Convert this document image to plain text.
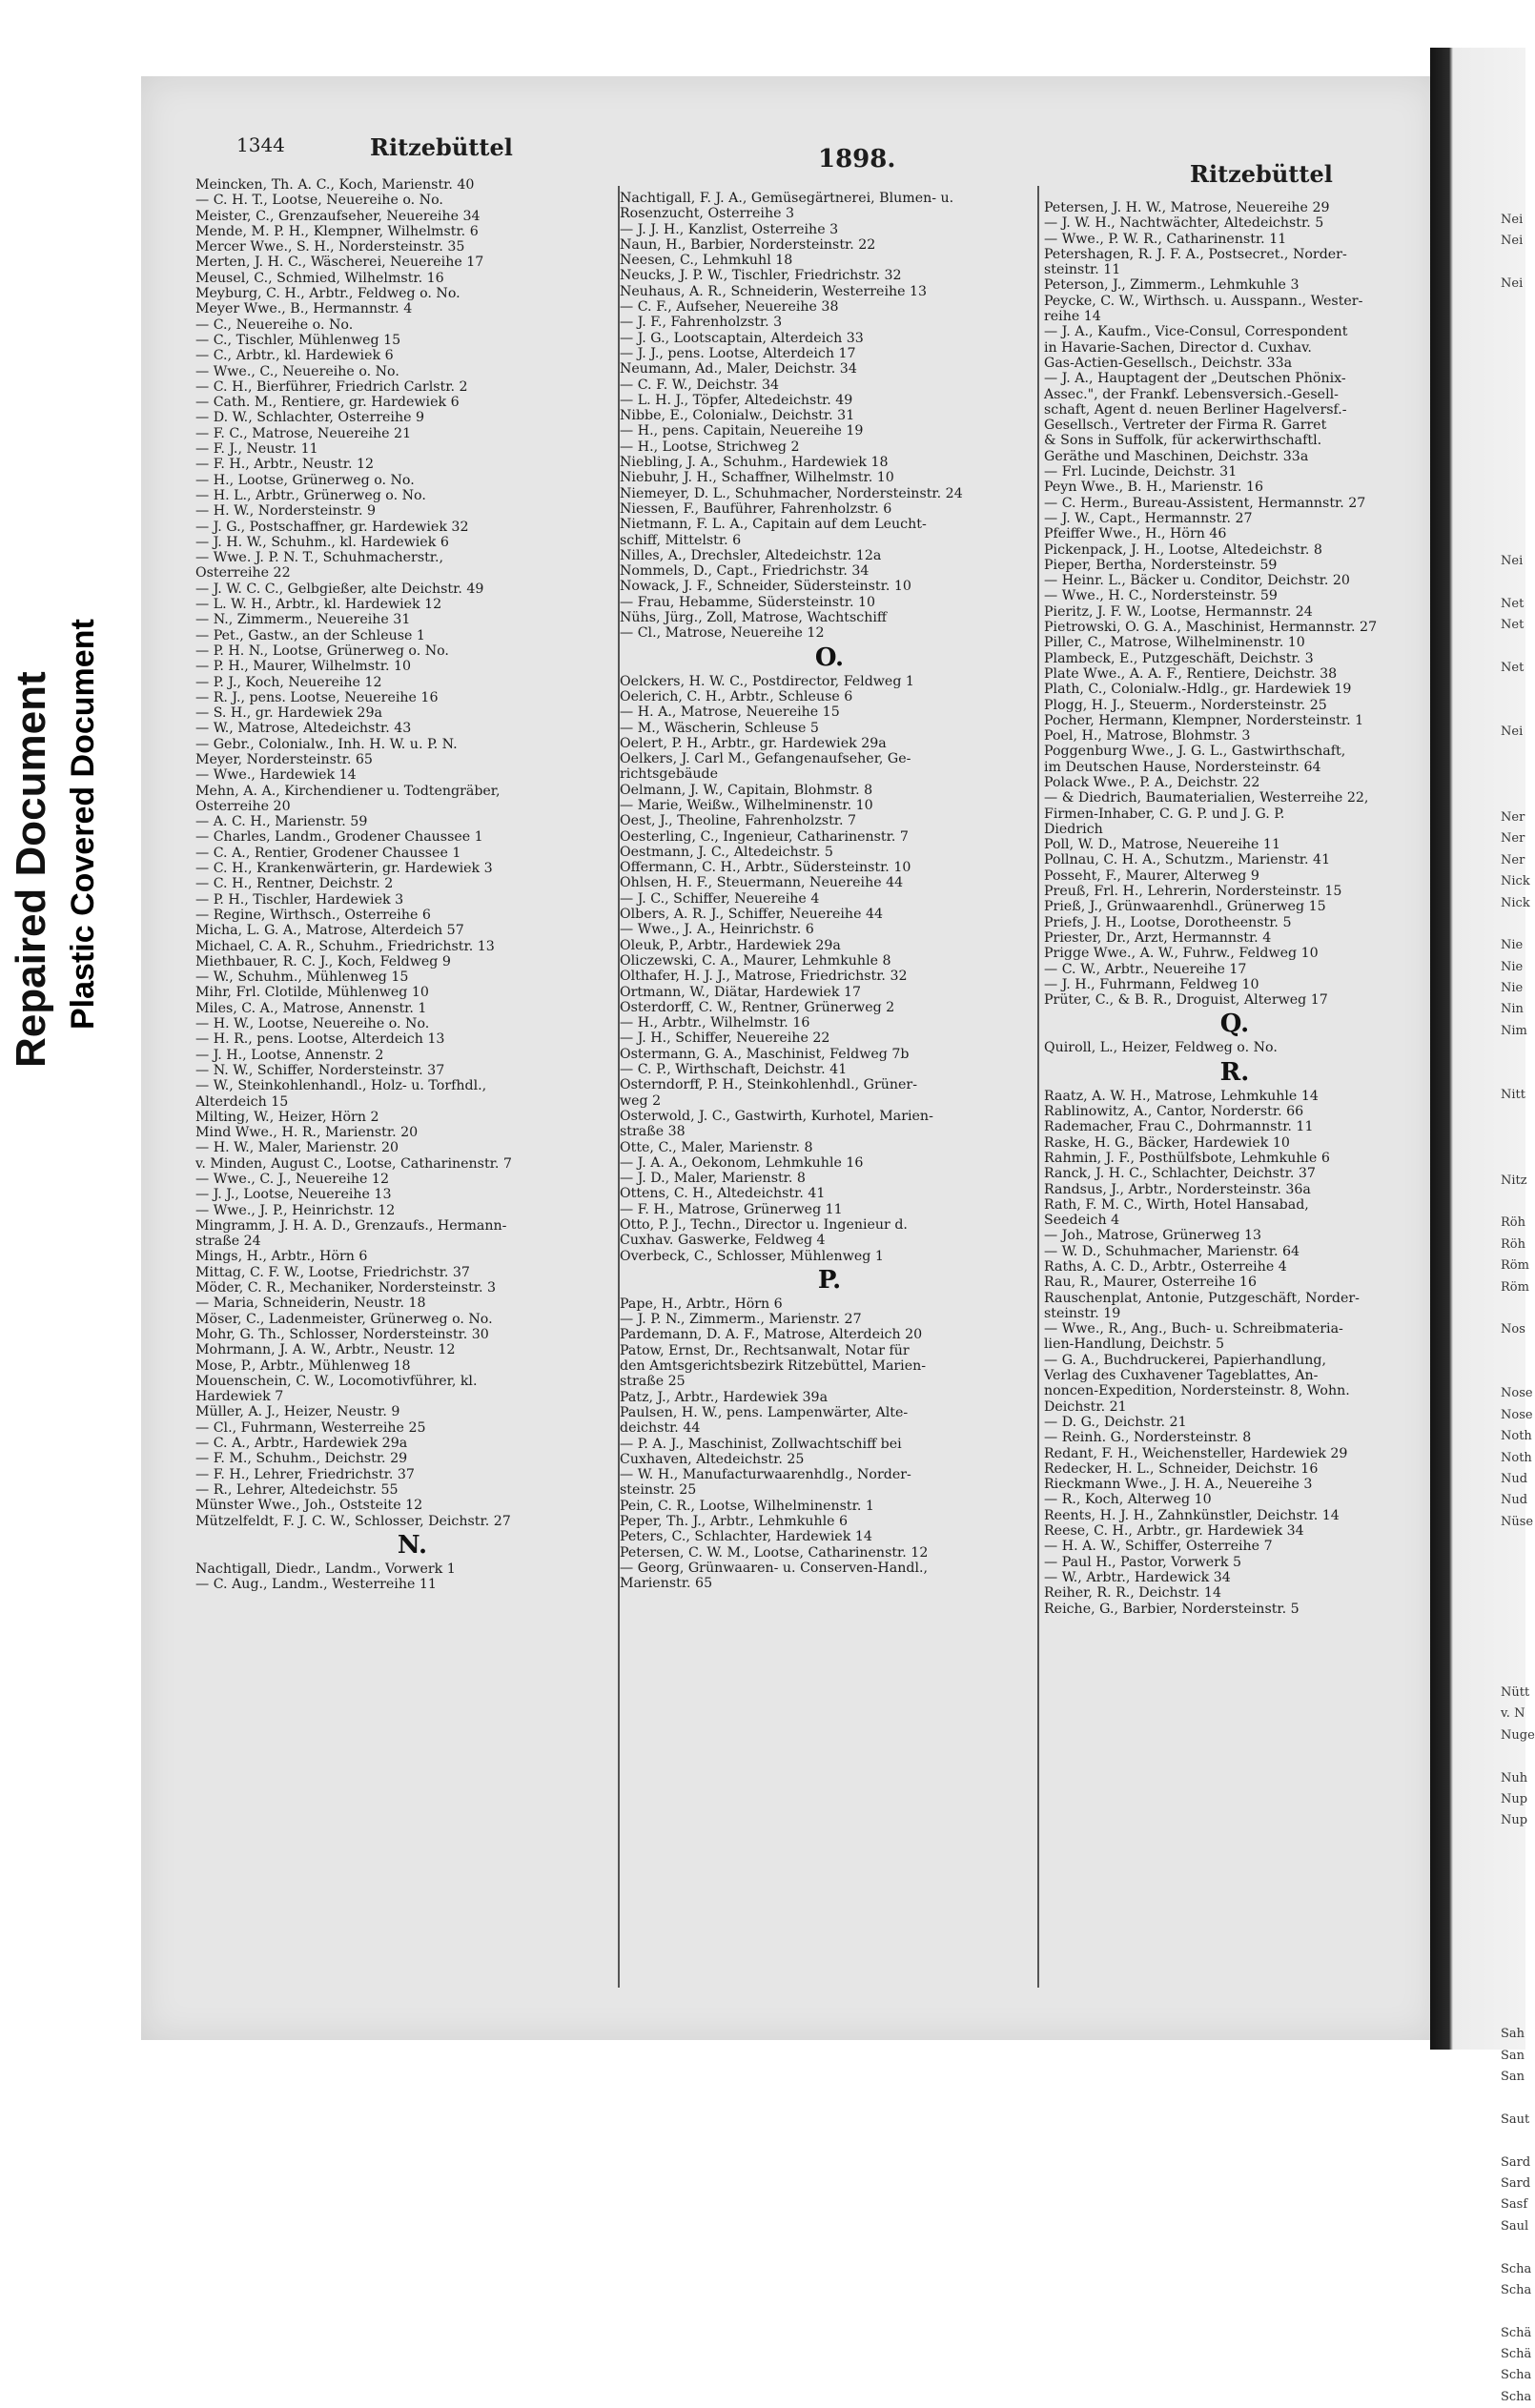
Repaired Document Plastic Covered Document
Nei
Nei
Nei
Nei
Net
Net
Net
Nei
Ner
Ner
Ner
Nick
Nick
Nie
Nie
Nie
Nin
Nim
Nitt
Nitz
Röh
Röh
Röm
Röm
Nos
Nose
Nose
Noth
Noth
Nud
Nud
Nüse
Nütt
v. N
Nuge
Nuh
Nup
Nup
Sah
San
San
Saut
Sard
Sard
Sasf
Saul
Scha
Scha
Schä
Schä
Scha
Scha
1344	Ritzebüttel	1898.
Ritzebüttel
Meincken, Th. A. C., Koch, Marienstr. 40
— C. H. T., Lootse, Neuereihe o. No.
Meister, C., Grenzaufseher, Neuereihe 34
Mende, M. P. H., Klempner, Wilhelmstr. 6
Mercer Wwe., S. H., Nordersteinstr. 35
Merten, J. H. C., Wäscherei, Neuereihe 17
Meusel, C., Schmied, Wilhelmstr. 16
Meyburg, C. H., Arbtr., Feldweg o. No.
Meyer Wwe., B., Hermannstr. 4
— C., Neuereihe o. No.
— C., Tischler, Mühlenweg 15
— C., Arbtr., kl. Hardewiek 6
— Wwe., C., Neuereihe o. No.
— C. H., Bierführer, Friedrich Carlstr. 2
— Cath. M., Rentiere, gr. Hardewiek 6
— D. W., Schlachter, Osterreihe 9
— F. C., Matrose, Neuereihe 21
— F. J., Neustr. 11
— F. H., Arbtr., Neustr. 12
— H., Lootse, Grünerweg o. No.
— H. L., Arbtr., Grünerweg o. No.
— H. W., Nordersteinstr. 9
— J. G., Postschaffner, gr. Hardewiek 32
— J. H. W., Schuhm., kl. Hardewiek 6
— Wwe. J. P. N. T., Schuhmacherstr.,
Osterreihe 22
— J. W. C. C., Gelbgießer, alte Deichstr. 49
— L. W. H., Arbtr., kl. Hardewiek 12
— N., Zimmerm., Neuereihe 31
— Pet., Gastw., an der Schleuse 1
— P. H. N., Lootse, Grünerweg o. No.
— P. H., Maurer, Wilhelmstr. 10
— P. J., Koch, Neuereihe 12
— R. J., pens. Lootse, Neuereihe 16
— S. H., gr. Hardewiek 29a
— W., Matrose, Altedeichstr. 43
— Gebr., Colonialw., Inh. H. W. u. P. N.
Meyer, Nordersteinstr. 65
— Wwe., Hardewiek 14
Mehn, A. A., Kirchendiener u. Todtengräber,
Osterreihe 20
— A. C. H., Marienstr. 59
— Charles, Landm., Grodener Chaussee 1
— C. A., Rentier, Grodener Chaussee 1
— C. H., Krankenwärterin, gr. Hardewiek 3
— C. H., Rentner, Deichstr. 2
— P. H., Tischler, Hardewiek 3
— Regine, Wirthsch., Osterreihe 6
Micha, L. G. A., Matrose, Alterdeich 57
Michael, C. A. R., Schuhm., Friedrichstr. 13
Miethbauer, R. C. J., Koch, Feldweg 9
— W., Schuhm., Mühlenweg 15
Mihr, Frl. Clotilde, Mühlenweg 10
Miles, C. A., Matrose, Annenstr. 1
— H. W., Lootse, Neuereihe o. No.
— H. R., pens. Lootse, Alterdeich 13
— J. H., Lootse, Annenstr. 2
— N. W., Schiffer, Nordersteinstr. 37
— W., Steinkohlenhandl., Holz- u. Torfhdl.,
Alterdeich 15
Milting, W., Heizer, Hörn 2
Mind Wwe., H. R., Marienstr. 20
— H. W., Maler, Marienstr. 20
v. Minden, August C., Lootse, Catharinenstr. 7
— Wwe., C. J., Neuereihe 12
— J. J., Lootse, Neuereihe 13
— Wwe., J. P., Heinrichstr. 12
Mingramm, J. H. A. D., Grenzaufs., Hermann-
straße 24
Mings, H., Arbtr., Hörn 6
Mittag, C. F. W., Lootse, Friedrichstr. 37
Möder, C. R., Mechaniker, Nordersteinstr. 3
— Maria, Schneiderin, Neustr. 18
Möser, C., Ladenmeister, Grünerweg o. No.
Mohr, G. Th., Schlosser, Nordersteinstr. 30
Mohrmann, J. A. W., Arbtr., Neustr. 12
Mose, P., Arbtr., Mühlenweg 18
Mouenschein, C. W., Locomotivführer, kl.
Hardewiek 7
Müller, A. J., Heizer, Neustr. 9
— Cl., Fuhrmann, Westerreihe 25
— C. A., Arbtr., Hardewiek 29a
— F. M., Schuhm., Deichstr. 29
— F. H., Lehrer, Friedrichstr. 37
— R., Lehrer, Altedeichstr. 55
Münster Wwe., Joh., Oststeite 12
Mützelfeldt, F. J. C. W., Schlosser, Deichstr. 27
N.
Nachtigall, Diedr., Landm., Vorwerk 1
— C. Aug., Landm., Westerreihe 11
Nachtigall, F. J. A., Gemüsegärtnerei, Blumen- u.
Rosenzucht, Osterreihe 3
— J. J. H., Kanzlist, Osterreihe 3
Naun, H., Barbier, Nordersteinstr. 22
Neesen, C., Lehmkuhl 18
Neucks, J. P. W., Tischler, Friedrichstr. 32
Neuhaus, A. R., Schneiderin, Westerreihe 13
— C. F., Aufseher, Neuereihe 38
— J. F., Fahrenholzstr. 3
— J. G., Lootscaptain, Alterdeich 33
— J. J., pens. Lootse, Alterdeich 17
Neumann, Ad., Maler, Deichstr. 34
— C. F. W., Deichstr. 34
— L. H. J., Töpfer, Altedeichstr. 49
Nibbe, E., Colonialw., Deichstr. 31
— H., pens. Capitain, Neuereihe 19
— H., Lootse, Strichweg 2
Niebling, J. A., Schuhm., Hardewiek 18
Niebuhr, J. H., Schaffner, Wilhelmstr. 10
Niemeyer, D. L., Schuhmacher, Nordersteinstr. 24
Niessen, F., Bauführer, Fahrenholzstr. 6
Nietmann, F. L. A., Capitain auf dem Leucht-
schiff, Mittelstr. 6
Nilles, A., Drechsler, Altedeichstr. 12a
Nommels, D., Capt., Friedrichstr. 34
Nowack, J. F., Schneider, Südersteinstr. 10
— Frau, Hebamme, Südersteinstr. 10
Nühs, Jürg., Zoll, Matrose, Wachtschiff
— Cl., Matrose, Neuereihe 12
O.
Oelckers, H. W. C., Postdirector, Feldweg 1
Oelerich, C. H., Arbtr., Schleuse 6
— H. A., Matrose, Neuereihe 15
— M., Wäscherin, Schleuse 5
Oelert, P. H., Arbtr., gr. Hardewiek 29a
Oelkers, J. Carl M., Gefangenaufseher, Ge-
richtsgebäude
Oelmann, J. W., Capitain, Blohmstr. 8
— Marie, Weißw., Wilhelminenstr. 10
Oest, J., Theoline, Fahrenholzstr. 7
Oesterling, C., Ingenieur, Catharinenstr. 7
Oestmann, J. C., Altedeichstr. 5
Offermann, C. H., Arbtr., Südersteinstr. 10
Ohlsen, H. F., Steuermann, Neuereihe 44
— J. C., Schiffer, Neuereihe 4
Olbers, A. R. J., Schiffer, Neuereihe 44
— Wwe., J. A., Heinrichstr. 6
Oleuk, P., Arbtr., Hardewiek 29a
Oliczewski, C. A., Maurer, Lehmkuhle 8
Olthafer, H. J. J., Matrose, Friedrichstr. 32
Ortmann, W., Diätar, Hardewiek 17
Osterdorff, C. W., Rentner, Grünerweg 2
— H., Arbtr., Wilhelmstr. 16
— J. H., Schiffer, Neuereihe 22
Ostermann, G. A., Maschinist, Feldweg 7b
— C. P., Wirthschaft, Deichstr. 41
Osterndorff, P. H., Steinkohlenhdl., Grüner-
weg 2
Osterwold, J. C., Gastwirth, Kurhotel, Marien-
straße 38
Otte, C., Maler, Marienstr. 8
— J. A. A., Oekonom, Lehmkuhle 16
— J. D., Maler, Marienstr. 8
Ottens, C. H., Altedeichstr. 41
— F. H., Matrose, Grünerweg 11
Otto, P. J., Techn., Director u. Ingenieur d.
Cuxhav. Gaswerke, Feldweg 4
Overbeck, C., Schlosser, Mühlenweg 1
P.
Pape, H., Arbtr., Hörn 6
— J. P. N., Zimmerm., Marienstr. 27
Pardemann, D. A. F., Matrose, Alterdeich 20
Patow, Ernst, Dr., Rechtsanwalt, Notar für
den Amtsgerichtsbezirk Ritzebüttel, Marien-
straße 25
Patz, J., Arbtr., Hardewiek 39a
Paulsen, H. W., pens. Lampenwärter, Alte-
deichstr. 44
— P. A. J., Maschinist, Zollwachtschiff bei
Cuxhaven, Altedeichstr. 25
— W. H., Manufacturwaarenhdlg., Norder-
steinstr. 25
Pein, C. R., Lootse, Wilhelminenstr. 1
Peper, Th. J., Arbtr., Lehmkuhle 6
Peters, C., Schlachter, Hardewiek 14
Petersen, C. W. M., Lootse, Catharinenstr. 12
— Georg, Grünwaaren- u. Conserven-Handl.,
Marienstr. 65
Petersen, J. H. W., Matrose, Neuereihe 29
— J. W. H., Nachtwächter, Altedeichstr. 5
— Wwe., P. W. R., Catharinenstr. 11
Petershagen, R. J. F. A., Postsecret., Norder-
steinstr. 11
Peterson, J., Zimmerm., Lehmkuhle 3
Peycke, C. W., Wirthsch. u. Ausspann., Wester-
reihe 14
— J. A., Kaufm., Vice-Consul, Correspondent
in Havarie-Sachen, Director d. Cuxhav.
Gas-Actien-Gesellsch., Deichstr. 33a
— J. A., Hauptagent der „Deutschen Phönix-
Assec.", der Frankf. Lebensversich.-Gesell-
schaft, Agent d. neuen Berliner Hagelversf.-
Gesellsch., Vertreter der Firma R. Garret
& Sons in Suffolk, für ackerwirthschaftl.
Geräthe und Maschinen, Deichstr. 33a
— Frl. Lucinde, Deichstr. 31
Peyn Wwe., B. H., Marienstr. 16
— C. Herm., Bureau-Assistent, Hermannstr. 27
— J. W., Capt., Hermannstr. 27
Pfeiffer Wwe., H., Hörn 46
Pickenpack, J. H., Lootse, Altedeichstr. 8
Pieper, Bertha, Nordersteinstr. 59
— Heinr. L., Bäcker u. Conditor, Deichstr. 20
— Wwe., H. C., Nordersteinstr. 59
Pieritz, J. F. W., Lootse, Hermannstr. 24
Pietrowski, O. G. A., Maschinist, Hermannstr. 27
Piller, C., Matrose, Wilhelminenstr. 10
Plambeck, E., Putzgeschäft, Deichstr. 3
Plate Wwe., A. A. F., Rentiere, Deichstr. 38
Plath, C., Colonialw.-Hdlg., gr. Hardewiek 19
Plogg, H. J., Steuerm., Nordersteinstr. 25
Pocher, Hermann, Klempner, Nordersteinstr. 1
Poel, H., Matrose, Blohmstr. 3
Poggenburg Wwe., J. G. L., Gastwirthschaft,
im Deutschen Hause, Nordersteinstr. 64
Polack Wwe., P. A., Deichstr. 22
— & Diedrich, Baumaterialien, Westerreihe 22,
Firmen-Inhaber, C. G. P. und J. G. P.
Diedrich
Poll, W. D., Matrose, Neuereihe 11
Pollnau, C. H. A., Schutzm., Marienstr. 41
Posseht, F., Maurer, Alterweg 9
Preuß, Frl. H., Lehrerin, Nordersteinstr. 15
Prieß, J., Grünwaarenhdl., Grünerweg 15
Priefs, J. H., Lootse, Dorotheenstr. 5
Priester, Dr., Arzt, Hermannstr. 4
Prigge Wwe., A. W., Fuhrw., Feldweg 10
— C. W., Arbtr., Neuereihe 17
— J. H., Fuhrmann, Feldweg 10
Prüter, C., & B. R., Droguist, Alterweg 17
Q.
Quiroll, L., Heizer, Feldweg o. No.
R.
Raatz, A. W. H., Matrose, Lehmkuhle 14
Rablinowitz, A., Cantor, Norderstr. 66
Rademacher, Frau C., Dohrmannstr. 11
Raske, H. G., Bäcker, Hardewiek 10
Rahmin, J. F., Posthülfsbote, Lehmkuhle 6
Ranck, J. H. C., Schlachter, Deichstr. 37
Randsus, J., Arbtr., Nordersteinstr. 36a
Rath, F. M. C., Wirth, Hotel Hansabad,
Seedeich 4
— Joh., Matrose, Grünerweg 13
— W. D., Schuhmacher, Marienstr. 64
Raths, A. C. D., Arbtr., Osterreihe 4
Rau, R., Maurer, Osterreihe 16
Rauschenplat, Antonie, Putzgeschäft, Norder-
steinstr. 19
— Wwe., R., Ang., Buch- u. Schreibmateria-
lien-Handlung, Deichstr. 5
— G. A., Buchdruckerei, Papierhandlung,
Verlag des Cuxhavener Tageblattes, An-
noncen-Expedition, Nordersteinstr. 8, Wohn.
Deichstr. 21
— D. G., Deichstr. 21
— Reinh. G., Nordersteinstr. 8
Redant, F. H., Weichensteller, Hardewiek 29
Redecker, H. L., Schneider, Deichstr. 16
Rieckmann Wwe., J. H. A., Neuereihe 3
— R., Koch, Alterweg 10
Reents, H. J. H., Zahnkünstler, Deichstr. 14
Reese, C. H., Arbtr., gr. Hardewiek 34
— H. A. W., Schiffer, Osterreihe 7
— Paul H., Pastor, Vorwerk 5
— W., Arbtr., Hardewick 34
Reiher, R. R., Deichstr. 14
Reiche, G., Barbier, Nordersteinstr. 5
